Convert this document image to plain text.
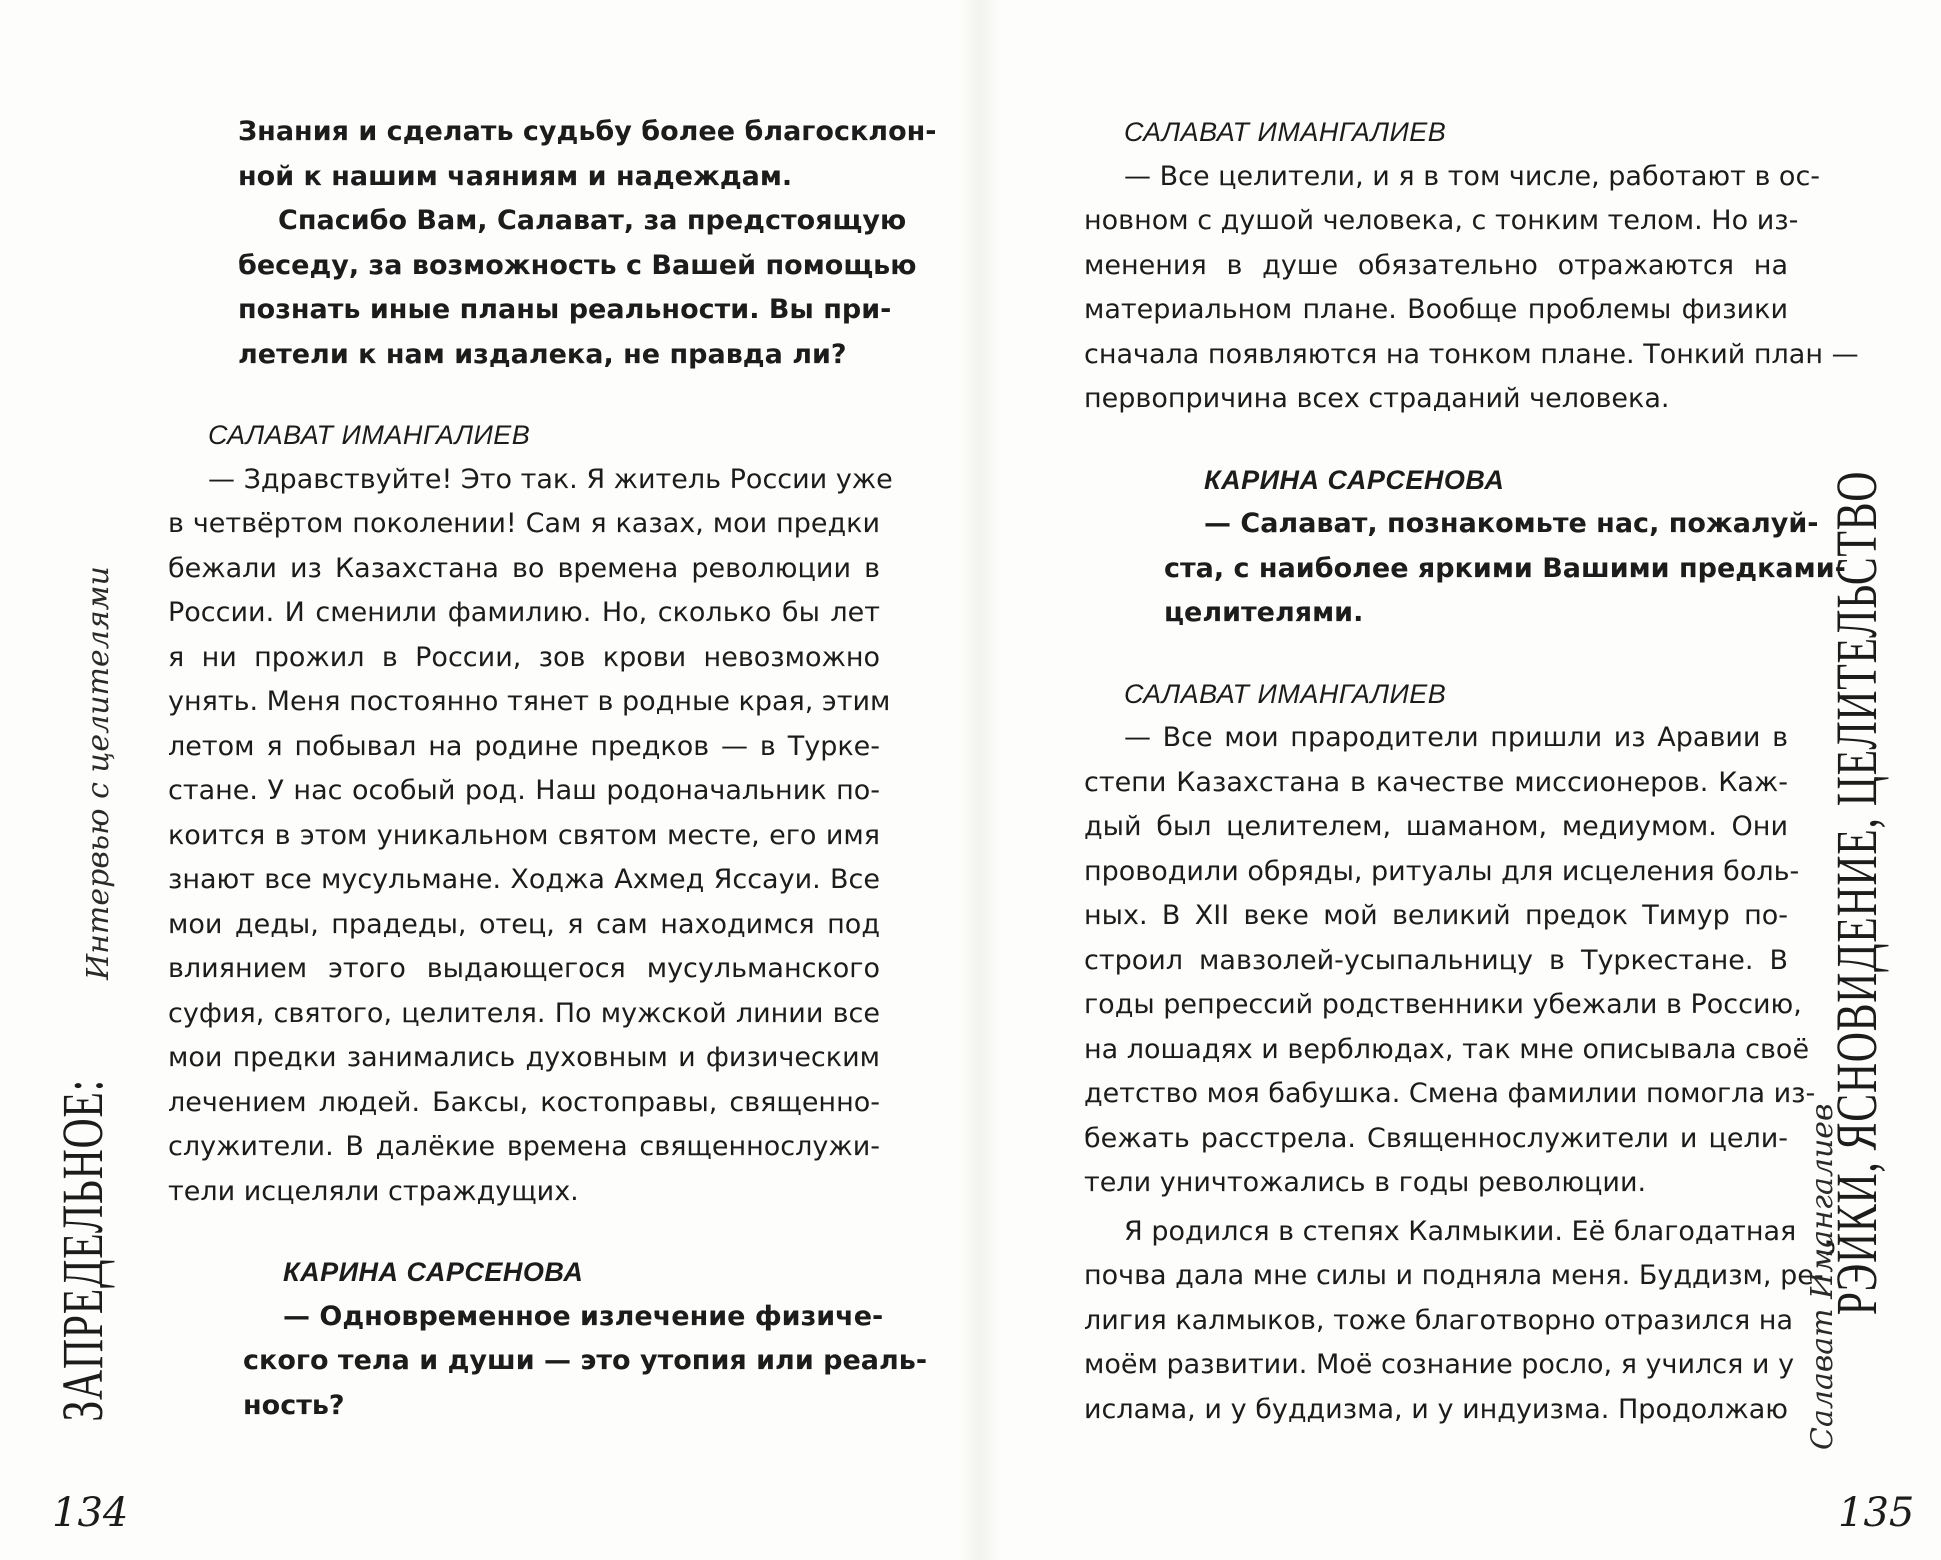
Знания и сделать судьбу более благосклон-
ной к нашим чаяниям и надеждам.
Спасибо Вам, Салават, за предстоящую
беседу, за возможность с Вашей помощью
познать иные планы реальности. Вы при-
летели к нам издалека, не правда ли?
САЛАВАТ ИМАНГАЛИЕВ
— Здравствуйте! Это так. Я житель России уже
в четвёртом поколении! Сам я казах, мои предки
бежали из Казахстана во времена революции в
России. И сменили фамилию. Но, сколько бы лет
я ни прожил в России, зов крови невозможно
унять. Меня постоянно тянет в родные края, этим
летом я побывал на родине предков — в Турке-
стане. У нас особый род. Наш родоначальник по-
коится в этом уникальном святом месте, его имя
знают все мусульмане. Ходжа Ахмед Яссауи. Все
мои деды, прадеды, отец, я сам находимся под
влиянием этого выдающегося мусульманского
суфия, святого, целителя. По мужской линии все
мои предки занимались духовным и физическим
лечением людей. Баксы, костоправы, священно-
служители. В далёкие времена священнослужи-
тели исцеляли страждущих.
КАРИНА САРСЕНОВА
— Одновременное излечение физиче-
ского тела и души — это утопия или реаль-
ность?
ЗАПРЕДЕЛЬНОЕ:
Интервью с целителями
134
САЛАВАТ ИМАНГАЛИЕВ
— Все целители, и я в том числе, работают в ос-
новном с душой человека, с тонким телом. Но из-
менения в душе обязательно отражаются на
материальном плане. Вообще проблемы физики
сначала появляются на тонком плане. Тонкий план —
первопричина всех страданий человека.
КАРИНА САРСЕНОВА
— Салават, познакомьте нас, пожалуй-
ста, с наиболее яркими Вашими предками-
целителями.
САЛАВАТ ИМАНГАЛИЕВ
— Все мои прародители пришли из Аравии в
степи Казахстана в качестве миссионеров. Каж-
дый был целителем, шаманом, медиумом. Они
проводили обряды, ритуалы для исцеления боль-
ных. В XII веке мой великий предок Тимур по-
строил мавзолей-усыпальницу в Туркестане. В
годы репрессий родственники убежали в Россию,
на лошадях и верблюдах, так мне описывала своё
детство моя бабушка. Смена фамилии помогла из-
бежать расстрела. Священнослужители и цели-
тели уничтожались в годы революции.
Я родился в степях Калмыкии. Её благодатная
почва дала мне силы и подняла меня. Буддизм, ре-
лигия калмыков, тоже благотворно отразился на
моём развитии. Моё сознание росло, я учился и у
ислама, и у буддизма, и у индуизма. Продолжаю
РЭЙКИ, ЯСНОВИДЕНИЕ, ЦЕЛИТЕЛЬСТВО
Салават Имангалиев
135
